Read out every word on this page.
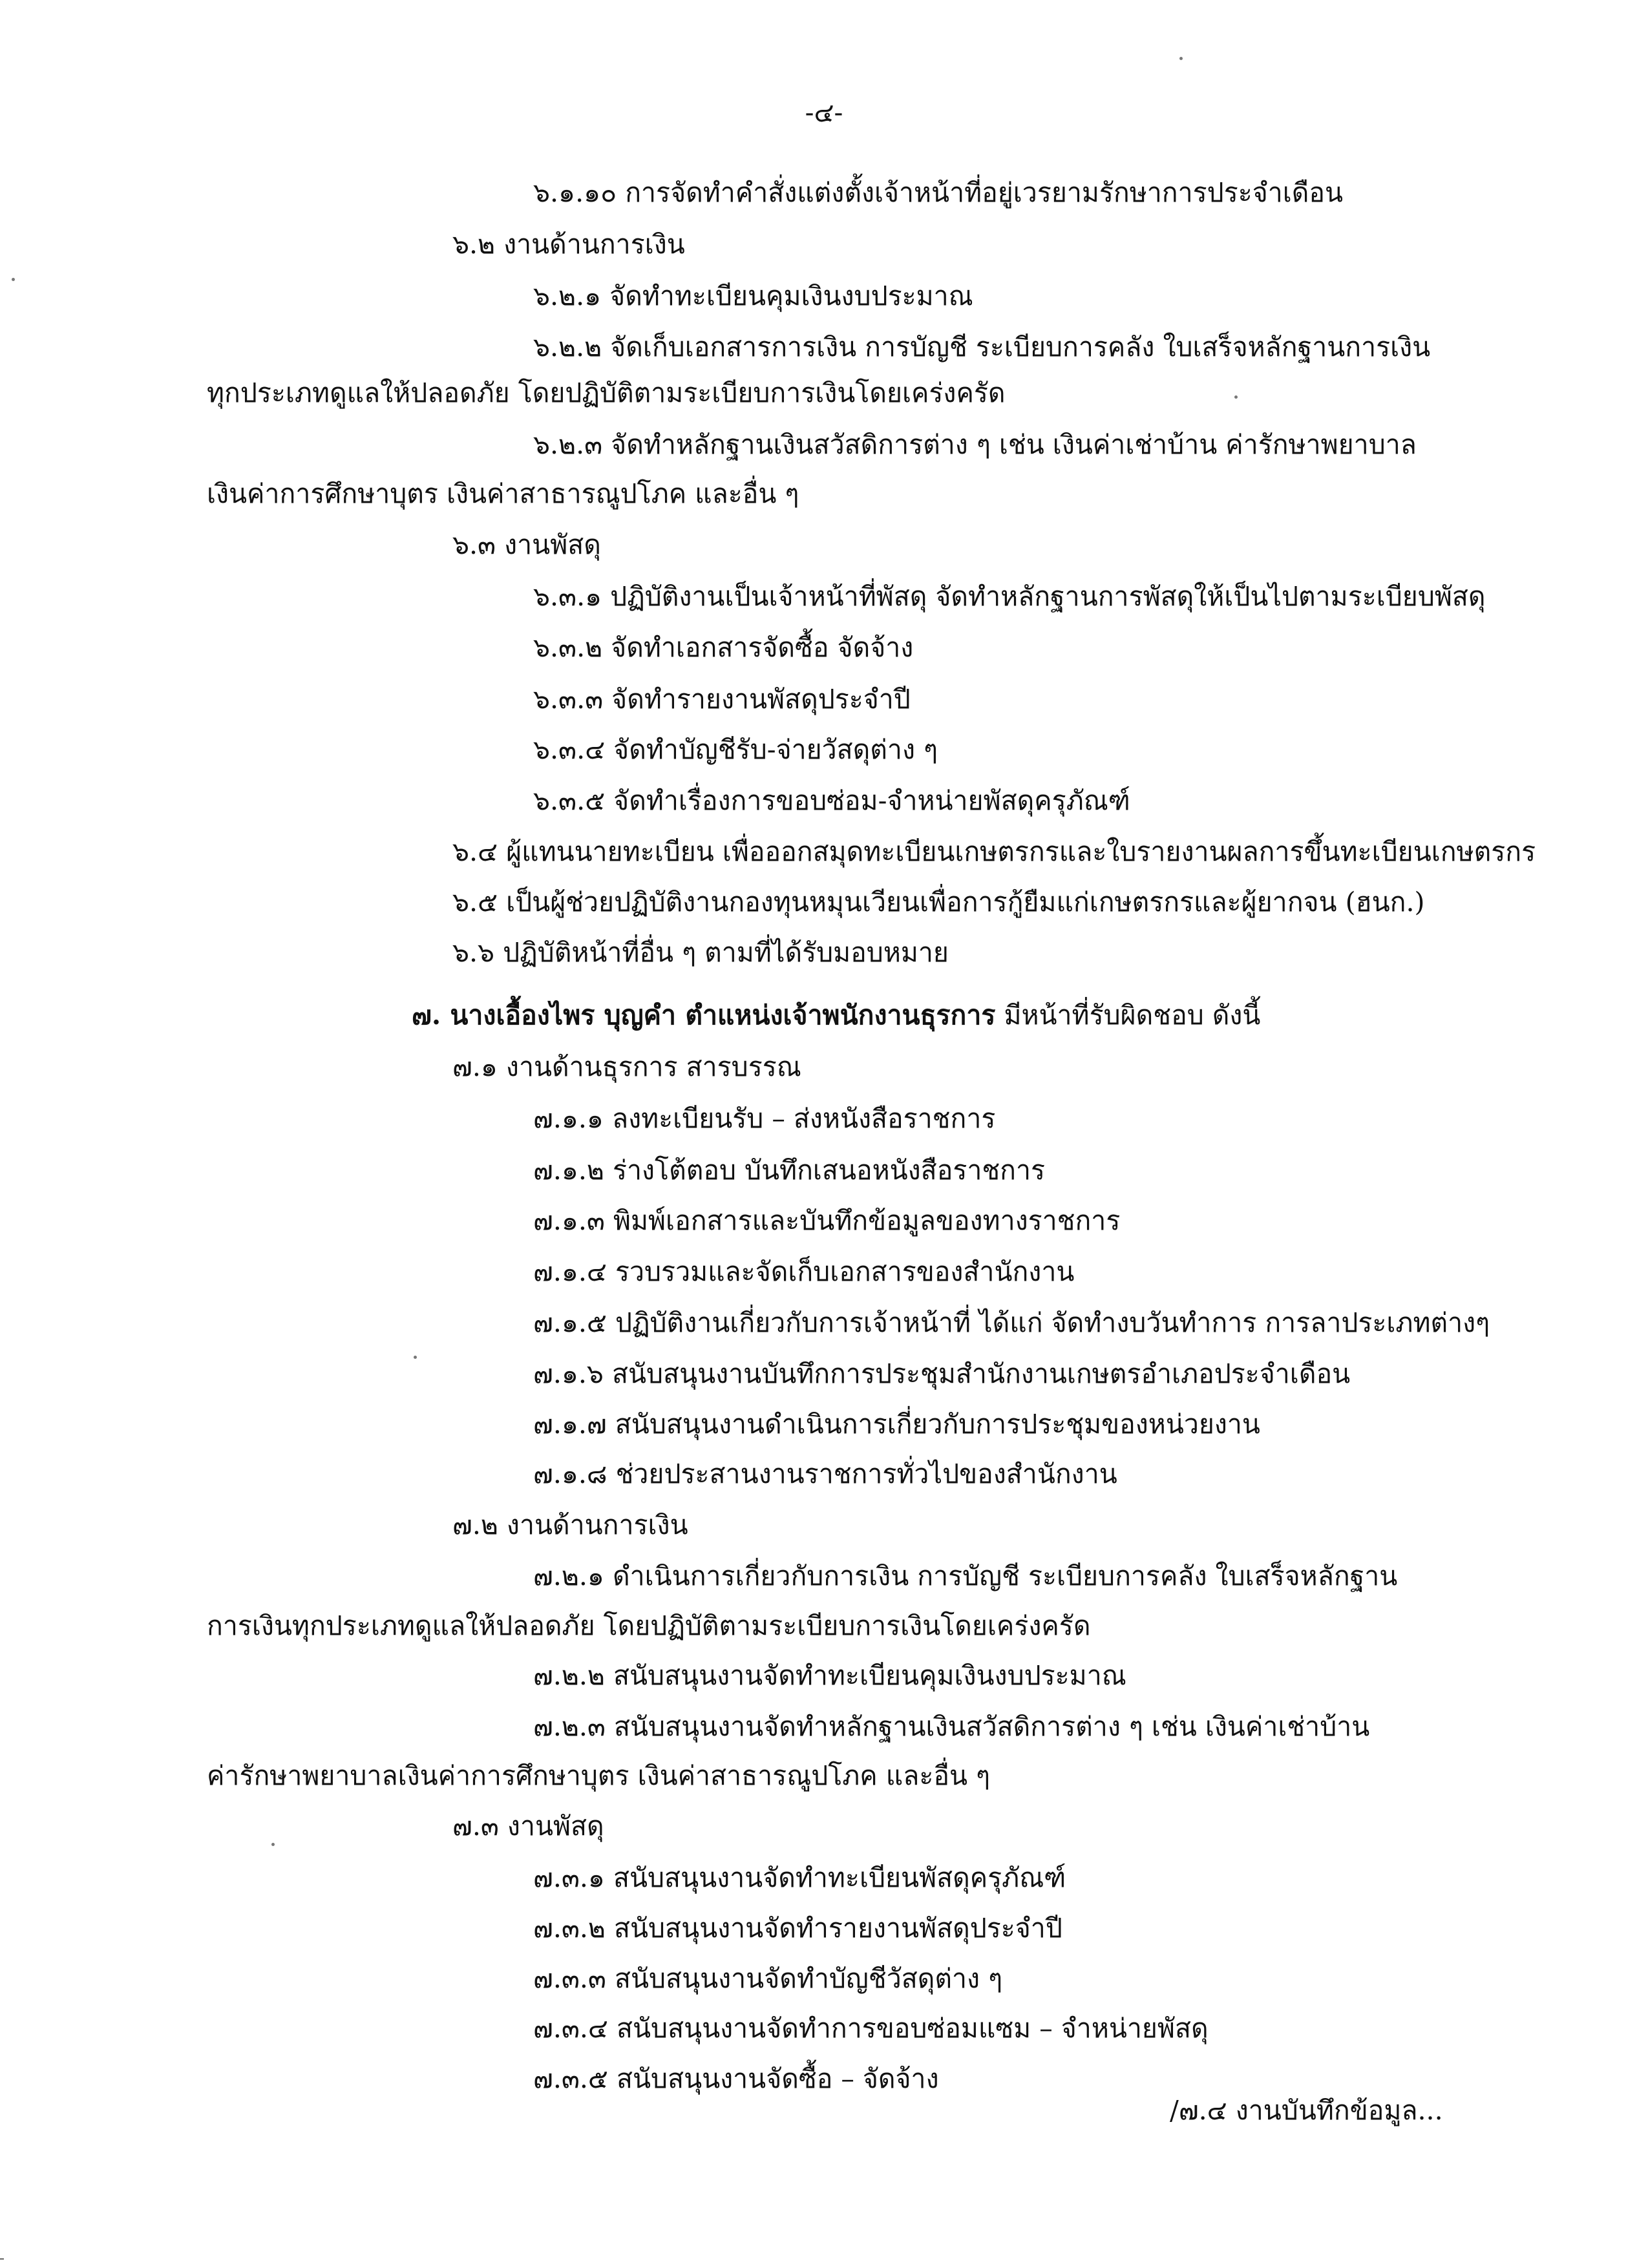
-๔-
๖.๑.๑๐ การจัดทำคำสั่งแต่งตั้งเจ้าหน้าที่อยู่เวรยามรักษาการประจำเดือน
๖.๒ งานด้านการเงิน
๖.๒.๑ จัดทำทะเบียนคุมเงินงบประมาณ
๖.๒.๒ จัดเก็บเอกสารการเงิน การบัญชี ระเบียบการคลัง ใบเสร็จหลักฐานการเงิน
ทุกประเภทดูแลให้ปลอดภัย โดยปฏิบัติตามระเบียบการเงินโดยเคร่งครัด
๖.๒.๓ จัดทำหลักฐานเงินสวัสดิการต่าง ๆ เช่น เงินค่าเช่าบ้าน ค่ารักษาพยาบาล
เงินค่าการศึกษาบุตร เงินค่าสาธารณูปโภค และอื่น ๆ
๖.๓ งานพัสดุ
๖.๓.๑ ปฏิบัติงานเป็นเจ้าหน้าที่พัสดุ จัดทำหลักฐานการพัสดุให้เป็นไปตามระเบียบพัสดุ
๖.๓.๒ จัดทำเอกสารจัดซื้อ จัดจ้าง
๖.๓.๓ จัดทำรายงานพัสดุประจำปี
๖.๓.๔ จัดทำบัญชีรับ-จ่ายวัสดุต่าง ๆ
๖.๓.๕ จัดทำเรื่องการขอบซ่อม-จำหน่ายพัสดุครุภัณฑ์
๖.๔ ผู้แทนนายทะเบียน เพื่อออกสมุดทะเบียนเกษตรกรและใบรายงานผลการขึ้นทะเบียนเกษตรกร
๖.๕ เป็นผู้ช่วยปฏิบัติงานกองทุนหมุนเวียนเพื่อการกู้ยืมแก่เกษตรกรและผู้ยากจน (ฮนก.)
๖.๖ ปฏิบัติหน้าที่อื่น ๆ ตามที่ได้รับมอบหมาย
๗. นางเอื้องไพร บุญคำ ตำแหน่งเจ้าพนักงานธุรการ มีหน้าที่รับผิดชอบ ดังนี้
๗.๑ งานด้านธุรการ สารบรรณ
๗.๑.๑ ลงทะเบียนรับ – ส่งหนังสือราชการ
๗.๑.๒ ร่างโต้ตอบ บันทึกเสนอหนังสือราชการ
๗.๑.๓ พิมพ์เอกสารและบันทึกข้อมูลของทางราชการ
๗.๑.๔ รวบรวมและจัดเก็บเอกสารของสำนักงาน
๗.๑.๕ ปฏิบัติงานเกี่ยวกับการเจ้าหน้าที่ ได้แก่ จัดทำงบวันทำการ การลาประเภทต่างๆ
๗.๑.๖ สนับสนุนงานบันทึกการประชุมสำนักงานเกษตรอำเภอประจำเดือน
๗.๑.๗ สนับสนุนงานดำเนินการเกี่ยวกับการประชุมของหน่วยงาน
๗.๑.๘ ช่วยประสานงานราชการทั่วไปของสำนักงาน
๗.๒ งานด้านการเงิน
๗.๒.๑ ดำเนินการเกี่ยวกับการเงิน การบัญชี ระเบียบการคลัง ใบเสร็จหลักฐาน
การเงินทุกประเภทดูแลให้ปลอดภัย โดยปฏิบัติตามระเบียบการเงินโดยเคร่งครัด
๗.๒.๒ สนับสนุนงานจัดทำทะเบียนคุมเงินงบประมาณ
๗.๒.๓ สนับสนุนงานจัดทำหลักฐานเงินสวัสดิการต่าง ๆ เช่น เงินค่าเช่าบ้าน
ค่ารักษาพยาบาลเงินค่าการศึกษาบุตร เงินค่าสาธารณูปโภค และอื่น ๆ
๗.๓ งานพัสดุ
๗.๓.๑ สนับสนุนงานจัดทำทะเบียนพัสดุครุภัณฑ์
๗.๓.๒ สนับสนุนงานจัดทำรายงานพัสดุประจำปี
๗.๓.๓ สนับสนุนงานจัดทำบัญชีวัสดุต่าง ๆ
๗.๓.๔ สนับสนุนงานจัดทำการขอบซ่อมแซม – จำหน่ายพัสดุ
๗.๓.๕ สนับสนุนงานจัดซื้อ – จัดจ้าง
/๗.๔ งานบันทึกข้อมูล...
